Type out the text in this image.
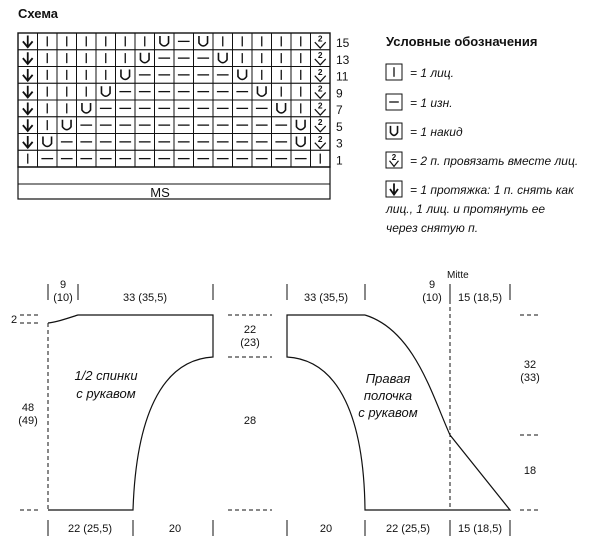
Схема
2 15
2 13
2 11
2 9
2 7
2 5
2 3
1
MS
Условные обозначения
= 1 лиц.
= 1 изн.
= 1 накид
2 = 2 п. провязать вместе лиц.
= 1 протяжка: 1 п. снять как
лиц., 1 лиц. и протянуть ее
через снятую п.
Mitte
9
(10)	33 (35,5)	33 (35,5)
9
(10) 15 (18,5)
22 (25,5)	20	20	22 (25,5)	15 (18,5)
2
48
(49)
22
(23)
28
32
(33)
18
1/2 спинки
с рукавом
Правая
полочка
с рукавом
